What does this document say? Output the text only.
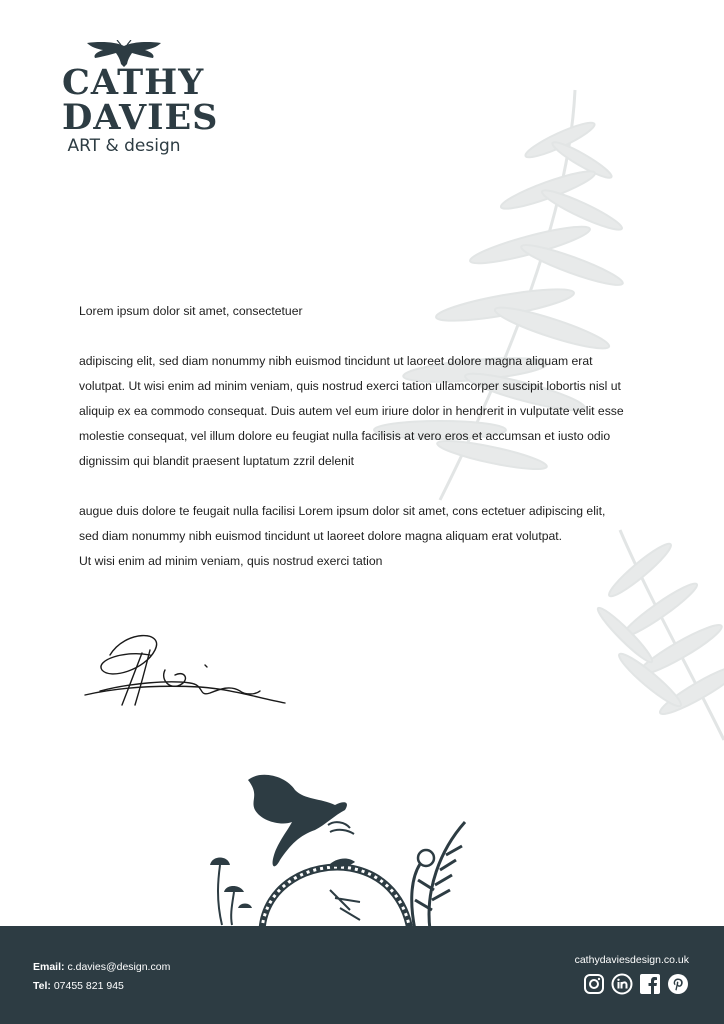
CATHY
DAVIES
ART & design

Lorem ipsum dolor sit amet, consectetuer

adipiscing elit, sed diam nonummy nibh euismod tincidunt ut laoreet dolore magna aliquam erat

volutpat. Ut wisi enim ad minim veniam, quis nostrud exerci tation ullamcorper suscipit lobortis nisl ut

aliquip ex ea commodo consequat. Duis autem vel eum iriure dolor in hendrerit in vulputate velit esse

molestie consequat, vel illum dolore eu feugiat nulla facilisis at vero eros et accumsan et iusto odio

dignissim qui blandit praesent luptatum zzril delenit

augue duis dolore te feugait nulla facilisi Lorem ipsum dolor sit amet, cons ectetuer adipiscing elit,

sed diam nonummy nibh euismod tincidunt ut laoreet dolore magna aliquam erat volutpat.

Ut wisi enim ad minim veniam, quis nostrud exerci tation

Email: c.davies@design.com
Tel: 07455 821 945
cathydaviesdesign.co.uk
